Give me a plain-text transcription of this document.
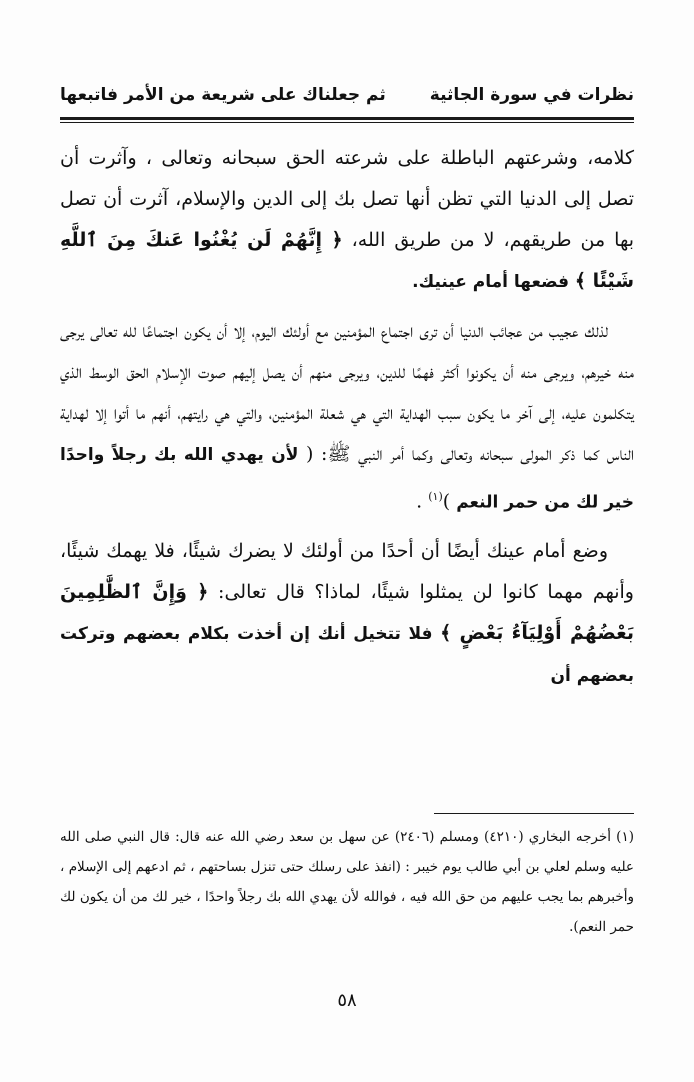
نظرات في سورة الجاثية
ثم جعلناك على شريعة من الأمر فاتبعها

كلامه، وشرعتهم الباطلة على شرعته الحق سبحانه وتعالى ، وآثرت أن تصل إلى الدنيا التي تظن أنها تصل بك إلى الدين والإسلام، آثرت أن تصل بها من طريقهم، لا من طريق الله، ﴿ إِنَّهُمْ لَن يُغْنُوا عَنكَ مِنَ ٱللَّهِ شَيْئًا ﴾ فضعها أمام عينيك.

لذلك عجيب من عجائب الدنيا أن ترى اجتماع المؤمنين مع أولئك اليوم، إلا أن يكون اجتماعًا لله تعالى يرجى منه خيرهم، ويرجى منه أن يكونوا أكثر فهمًا للدين، ويرجى منهم أن يصل إليهم صوت الإسلام الحق الوسط الذي يتكلمون عليه، إلى آخر ما يكون سبب الهداية التي هي شعلة المؤمنين، والتي هي رايتهم، أنهم ما أتوا إلا لهداية الناس كما ذكر المولى سبحانه وتعالى وكما أمر النبي ﷺ: ( لأن يهدي الله بك رجلاً واحدًا خير لك من حمر النعم )$^{(١)}$ .

وضع أمام عينك أيضًا أن أحدًا من أولئك لا يضرك شيئًا، فلا يهمك شيئًا، وأنهم مهما كانوا لن يمثلوا شيئًا، لماذا؟ قال تعالى: ﴿ وَإِنَّ ٱلظَّٰلِمِينَ بَعْضُهُمْ أَوْلِيَآءُ بَعْضٍ ﴾ فلا تتخيل أنك إن أخذت بكلام بعضهم وتركت بعضهم أن

(١) أخرجه البخاري (٤٢١٠) ومسلم (٢٤٠٦) عن سهل بن سعد رضي الله عنه قال: قال النبي صلى الله عليه وسلم لعلي بن أبي طالب يوم خيبر : (انفذ على رسلك حتى تنزل بساحتهم ، ثم ادعهم إلى الإسلام ، وأخبرهم بما يجب عليهم من حق الله فيه ، فوالله لأن يهدي الله بك رجلاً واحدًا ، خير لك من أن يكون لك حمر النعم).
٥٨
